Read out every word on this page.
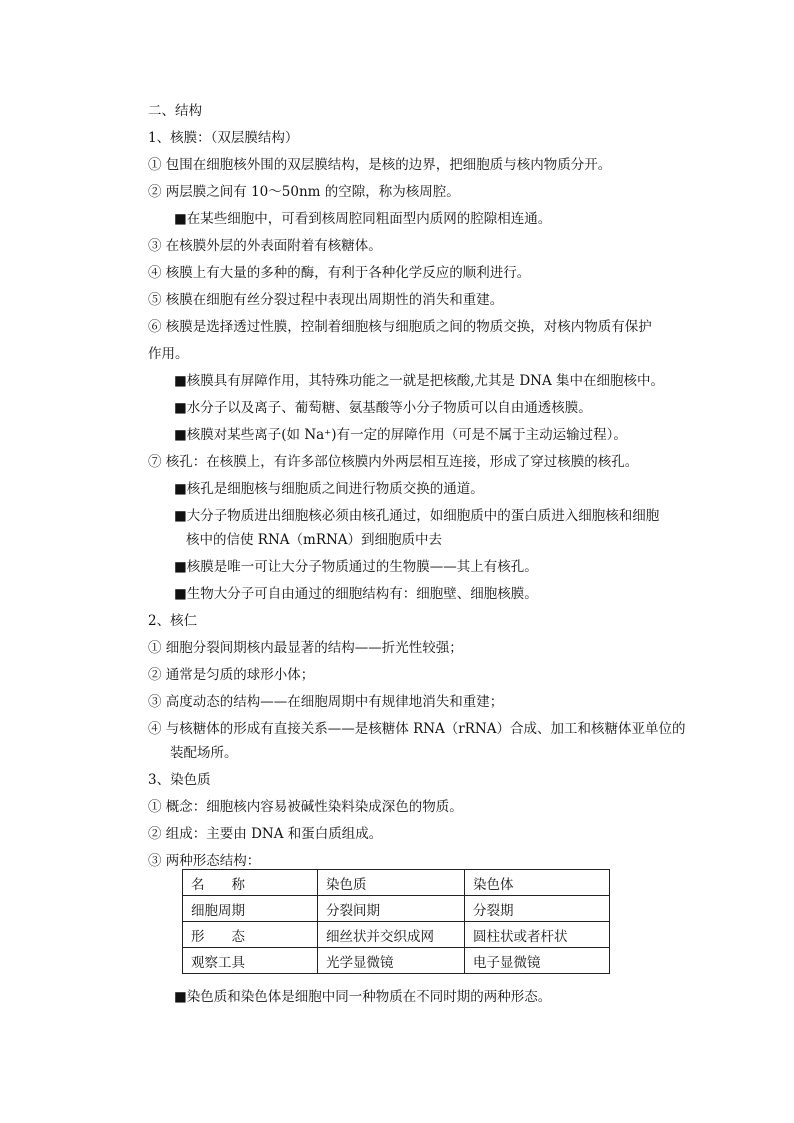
二、结构
1、核膜：（双层膜结构）
① 包围在细胞核外围的双层膜结构，是核的边界，把细胞质与核内物质分开。
② 两层膜之间有 10～50nm 的空隙，称为核周腔。
■在某些细胞中，可看到核周腔同粗面型内质网的腔隙相连通。
③ 在核膜外层的外表面附着有核糖体。
④ 核膜上有大量的多种的酶，有利于各种化学反应的顺利进行。
⑤ 核膜在细胞有丝分裂过程中表现出周期性的消失和重建。
⑥ 核膜是选择透过性膜，控制着细胞核与细胞质之间的物质交换，对核内物质有保护
作用。
■核膜具有屏障作用，其特殊功能之一就是把核酸,尤其是 DNA 集中在细胞核中。
■水分子以及离子、葡萄糖、氨基酸等小分子物质可以自由通透核膜。
■核膜对某些离子(如 Na⁺)有一定的屏障作用（可是不属于主动运输过程）。
⑦ 核孔：在核膜上，有许多部位核膜内外两层相互连接，形成了穿过核膜的核孔。
■核孔是细胞核与细胞质之间进行物质交换的通道。
■大分子物质进出细胞核必须由核孔通过，如细胞质中的蛋白质进入细胞核和细胞
核中的信使 RNA（mRNA）到细胞质中去
■核膜是唯一可让大分子物质通过的生物膜——其上有核孔。
■生物大分子可自由通过的细胞结构有：细胞壁、细胞核膜。
2、核仁
① 细胞分裂间期核内最显著的结构——折光性较强；
② 通常是匀质的球形小体；
③ 高度动态的结构——在细胞周期中有规律地消失和重建；
④ 与核糖体的形成有直接关系——是核糖体 RNA（rRNA）合成、加工和核糖体亚单位的
装配场所。
3、染色质
① 概念：细胞核内容易被碱性染料染成深色的物质。
② 组成：主要由 DNA 和蛋白质组成。
③ 两种形态结构：
名　　称	染色质	染色体
细胞周期	分裂间期	分裂期
形　　态	细丝状并交织成网	圆柱状或者杆状
观察工具	光学显微镜	电子显微镜
■染色质和染色体是细胞中同一种物质在不同时期的两种形态。
